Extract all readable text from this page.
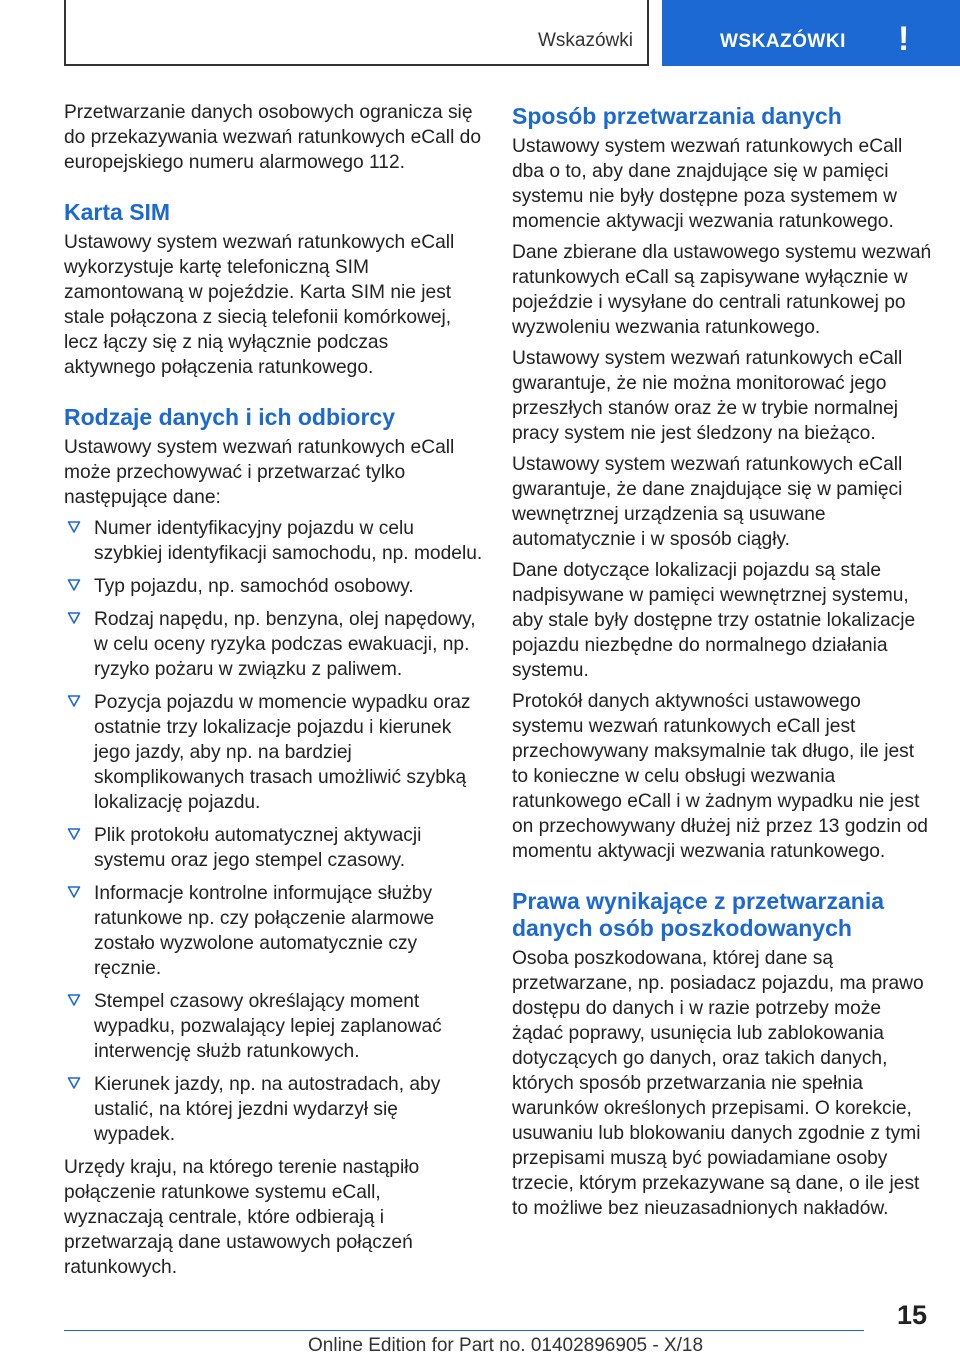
Wskazówki	WSKAZÓWKI !

Przetwarzanie danych osobowych ogranicza się do przekazywania wezwań ratunkowych eCall do europejskiego numeru alarmowego 112.

Karta SIM

Ustawowy system wezwań ratunkowych eCall wykorzystuje kartę telefoniczną SIM zamontowaną w pojeździe. Karta SIM nie jest stale połączona z siecią telefonii komórkowej, lecz łączy się z nią wyłącznie podczas aktywnego połączenia ratunkowego.

Rodzaje danych i ich odbiorcy

Ustawowy system wezwań ratunkowych eCall może przechowywać i przetwarzać tylko następujące dane:

Numer identyfikacyjny pojazdu w celu szybkiej identyfikacji samochodu, np. modelu.
Typ pojazdu, np. samochód osobowy.
Rodzaj napędu, np. benzyna, olej napędowy, w celu oceny ryzyka podczas ewakuacji, np. ryzyko pożaru w związku z paliwem.
Pozycja pojazdu w momencie wypadku oraz ostatnie trzy lokalizacje pojazdu i kierunek jego jazdy, aby np. na bardziej skomplikowanych trasach umożliwić szybką lokalizację pojazdu.
Plik protokołu automatycznej aktywacji systemu oraz jego stempel czasowy.
Informacje kontrolne informujące służby ratunkowe np. czy połączenie alarmowe zostało wyzwolone automatycznie czy ręcznie.
Stempel czasowy określający moment wypadku, pozwalający lepiej zaplanować interwencję służb ratunkowych.
Kierunek jazdy, np. na autostradach, aby ustalić, na której jezdni wydarzył się wypadek.

Urzędy kraju, na którego terenie nastąpiło połączenie ratunkowe systemu eCall, wyznaczają centrale, które odbierają i przetwarzają dane ustawowych połączeń ratunkowych.

Sposób przetwarzania danych

Ustawowy system wezwań ratunkowych eCall dba o to, aby dane znajdujące się w pamięci systemu nie były dostępne poza systemem w momencie aktywacji wezwania ratunkowego.

Dane zbierane dla ustawowego systemu wezwań ratunkowych eCall są zapisywane wyłącznie w pojeździe i wysyłane do centrali ratunkowej po wyzwoleniu wezwania ratunkowego.

Ustawowy system wezwań ratunkowych eCall gwarantuje, że nie można monitorować jego przeszłych stanów oraz że w trybie normalnej pracy system nie jest śledzony na bieżąco.

Ustawowy system wezwań ratunkowych eCall gwarantuje, że dane znajdujące się w pamięci wewnętrznej urządzenia są usuwane automatycznie i w sposób ciągły.

Dane dotyczące lokalizacji pojazdu są stale nadpisywane w pamięci wewnętrznej systemu, aby stale były dostępne trzy ostatnie lokalizacje pojazdu niezbędne do normalnego działania systemu.

Protokół danych aktywności ustawowego systemu wezwań ratunkowych eCall jest przechowywany maksymalnie tak długo, ile jest to konieczne w celu obsługi wezwania ratunkowego eCall i w żadnym wypadku nie jest on przechowywany dłużej niż przez 13 godzin od momentu aktywacji wezwania ratunkowego.

Prawa wynikające z przetwarzania danych osób poszkodowanych

Osoba poszkodowana, której dane są przetwarzane, np. posiadacz pojazdu, ma prawo dostępu do danych i w razie potrzeby może żądać poprawy, usunięcia lub zablokowania dotyczących go danych, oraz takich danych, których sposób przetwarzania nie spełnia warunków określonych przepisami. O korekcie, usuwaniu lub blokowaniu danych zgodnie z tymi przepisami muszą być powiadamiane osoby trzecie, którym przekazywane są dane, o ile jest to możliwe bez nieuzasadnionych nakładów.

15
Online Edition for Part no. 01402896905 - X/18
